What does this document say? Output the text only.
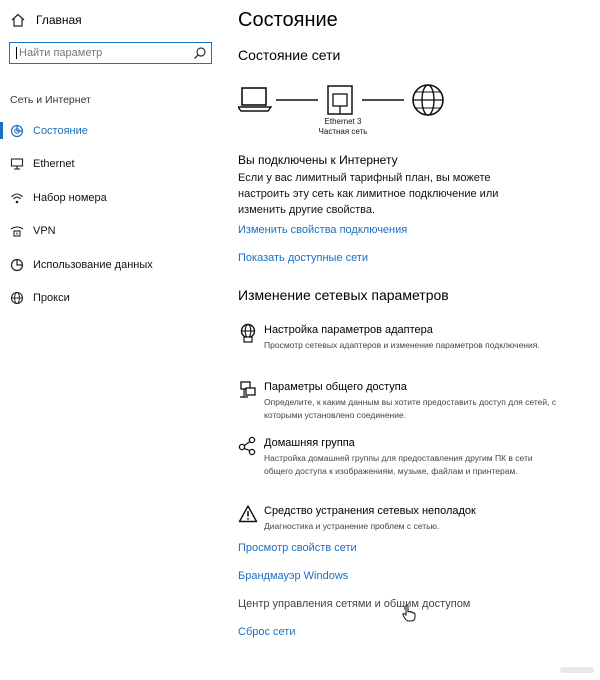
Главная
Найти параметр
Сеть и Интернет
Состояние
Ethernet
Набор номера
VPN
Использование данных
Прокси
Состояние
Состояние сети
Ethernet 3
Частная сеть
Вы подключены к Интернету
Если у вас лимитный тарифный план, вы можете настроить эту сеть как лимитное подключение или изменить другие свойства.
Изменить свойства подключения
Показать доступные сети
Изменение сетевых параметров
Настройка параметров адаптера
Просмотр сетевых адаптеров и изменение параметров подключения.
Параметры общего доступа
Определите, к каким данным вы хотите предоставить доступ для сетей, с которыми установлено соединение.
Домашняя группа
Настройка домашней группы для предоставления другим ПК в сети общего доступа к изображениям, музыке, файлам и принтерам.
Средство устранения сетевых неполадок
Диагностика и устранение проблем с сетью.
Просмотр свойств сети
Брандмауэр Windows
Центр управления сетями и общим доступом
Сброс сети
